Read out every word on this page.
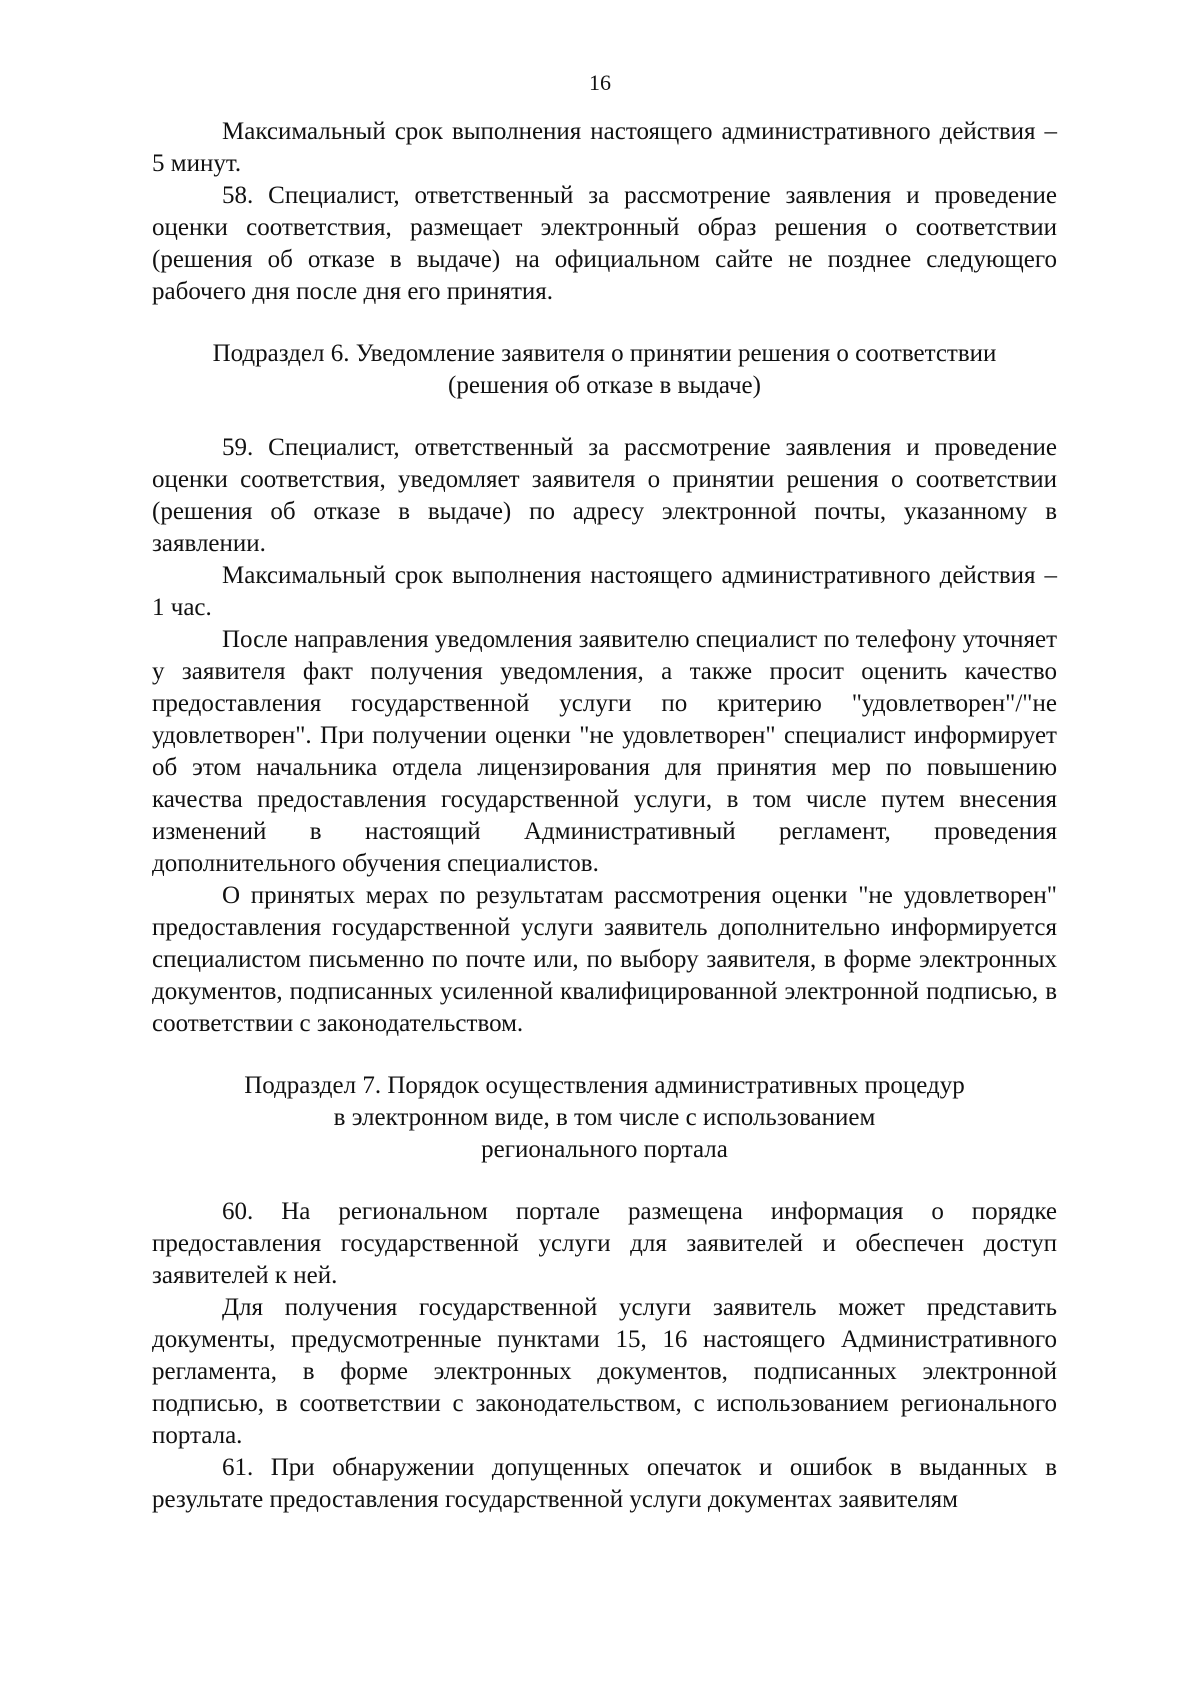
16

Максимальный срок выполнения настоящего административного действия – 5 минут.

58. Специалист, ответственный за рассмотрение заявления и проведение оценки соответствия, размещает электронный образ решения о соответствии (решения об отказе в выдаче) на официальном сайте не позднее следующего рабочего дня после дня его принятия.

Подраздел 6. Уведомление заявителя о принятии решения о соответствии
(решения об отказе в выдаче)

59. Специалист, ответственный за рассмотрение заявления и проведение оценки соответствия, уведомляет заявителя о принятии решения о соответствии (решения об отказе в выдаче) по адресу электронной почты, указанному в заявлении.

Максимальный срок выполнения настоящего административного действия – 1 час.

После направления уведомления заявителю специалист по телефону уточняет у заявителя факт получения уведомления, а также просит оценить качество предоставления государственной услуги по критерию "удовлетворен"/"не удовлетворен". При получении оценки "не удовлетворен" специалист информирует об этом начальника отдела лицензирования для принятия мер по повышению качества предоставления государственной услуги, в том числе путем внесения изменений в настоящий Административный регламент, проведения дополнительного обучения специалистов.

О принятых мерах по результатам рассмотрения оценки "не удовлетворен" предоставления государственной услуги заявитель дополнительно информируется специалистом письменно по почте или, по выбору заявителя, в форме электронных документов, подписанных усиленной квалифицированной электронной подписью, в соответствии с законодательством.

Подраздел 7. Порядок осуществления административных процедур
в электронном виде, в том числе с использованием
регионального портала

60. На региональном портале размещена информация о порядке предоставления государственной услуги для заявителей и обеспечен доступ заявителей к ней.

Для получения государственной услуги заявитель может представить документы, предусмотренные пунктами 15, 16 настоящего Административного регламента, в форме электронных документов, подписанных электронной подписью, в соответствии с законодательством, с использованием регионального портала.

61. При обнаружении допущенных опечаток и ошибок в выданных в результате предоставления государственной услуги документах заявителям
